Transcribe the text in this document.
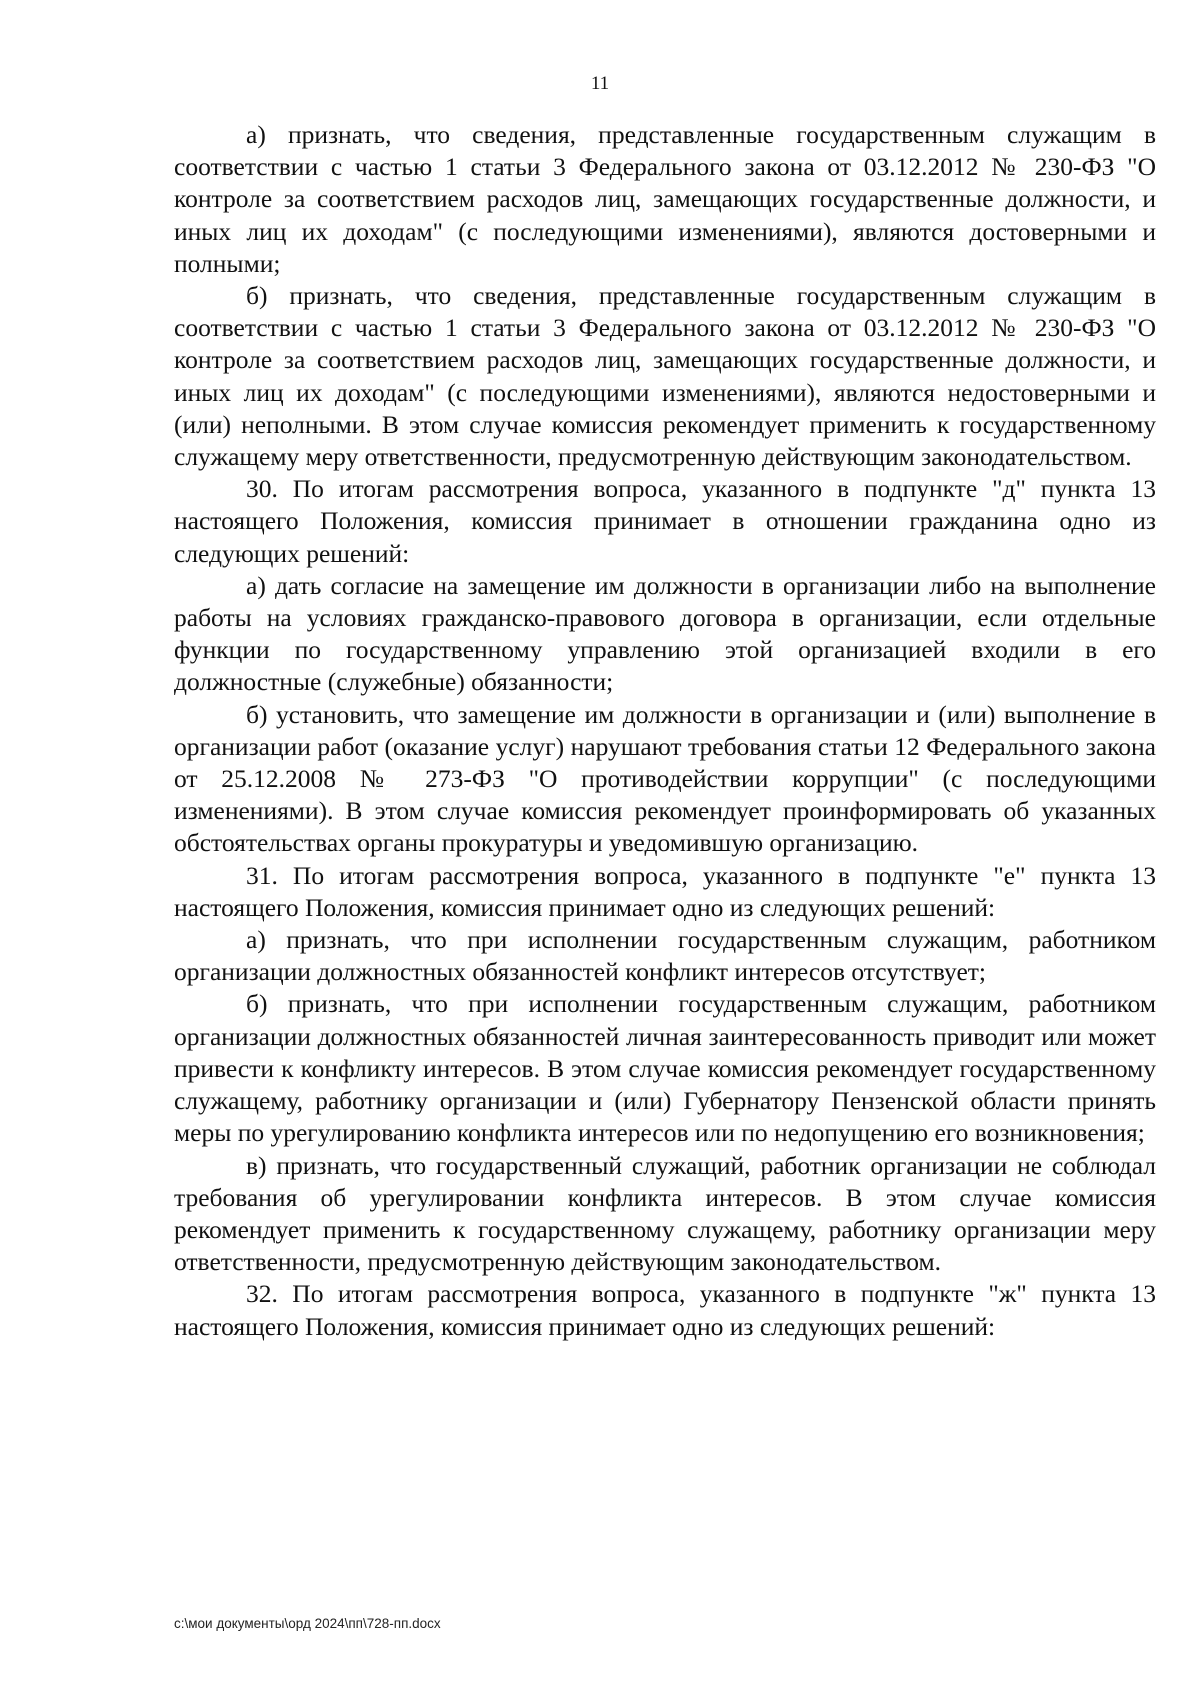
11

а) признать, что сведения, представленные государственным служащим в соответствии с частью 1 статьи 3 Федерального закона от 03.12.2012 № 230-ФЗ "О контроле за соответствием расходов лиц, замещающих государственные должности, и иных лиц их доходам" (с последующими изменениями), являются достоверными и полными;

б) признать, что сведения, представленные государственным служащим в соответствии с частью 1 статьи 3 Федерального закона от 03.12.2012 № 230-ФЗ "О контроле за соответствием расходов лиц, замещающих государственные должности, и иных лиц их доходам" (с последующими изменениями), являются недостоверными и (или) неполными. В этом случае комиссия рекомендует применить к государственному служащему меру ответственности, предусмотренную действующим законодательством.

30. По итогам рассмотрения вопроса, указанного в подпункте "д" пункта 13 настоящего Положения, комиссия принимает в отношении гражданина одно из следующих решений:

а) дать согласие на замещение им должности в организации либо на выполнение работы на условиях гражданско-правового договора в организации, если отдельные функции по государственному управлению этой организацией входили в его должностные (служебные) обязанности;

б) установить, что замещение им должности в организации и (или) выполнение в организации работ (оказание услуг) нарушают требования статьи 12 Федерального закона от 25.12.2008 № 273-ФЗ "О противодействии коррупции" (с последующими изменениями). В этом случае комиссия рекомендует проинформировать об указанных обстоятельствах органы прокуратуры и уведомившую организацию.

31. По итогам рассмотрения вопроса, указанного в подпункте "е" пункта 13 настоящего Положения, комиссия принимает одно из следующих решений:

а) признать, что при исполнении государственным служащим, работником организации должностных обязанностей конфликт интересов отсутствует;

б) признать, что при исполнении государственным служащим, работником организации должностных обязанностей личная заинтересованность приводит или может привести к конфликту интересов. В этом случае комиссия рекомендует государственному служащему, работнику организации и (или) Губернатору Пензенской области принять меры по урегулированию конфликта интересов или по недопущению его возникновения;

в) признать, что государственный служащий, работник организации не соблюдал требования об урегулировании конфликта интересов. В этом случае комиссия рекомендует применить к государственному служащему, работнику организации меру ответственности, предусмотренную действующим законодательством.

32. По итогам рассмотрения вопроса, указанного в подпункте "ж" пункта 13 настоящего Положения, комиссия принимает одно из следующих решений:

c:\мои документы\орд 2024\пп\728-пп.docx
